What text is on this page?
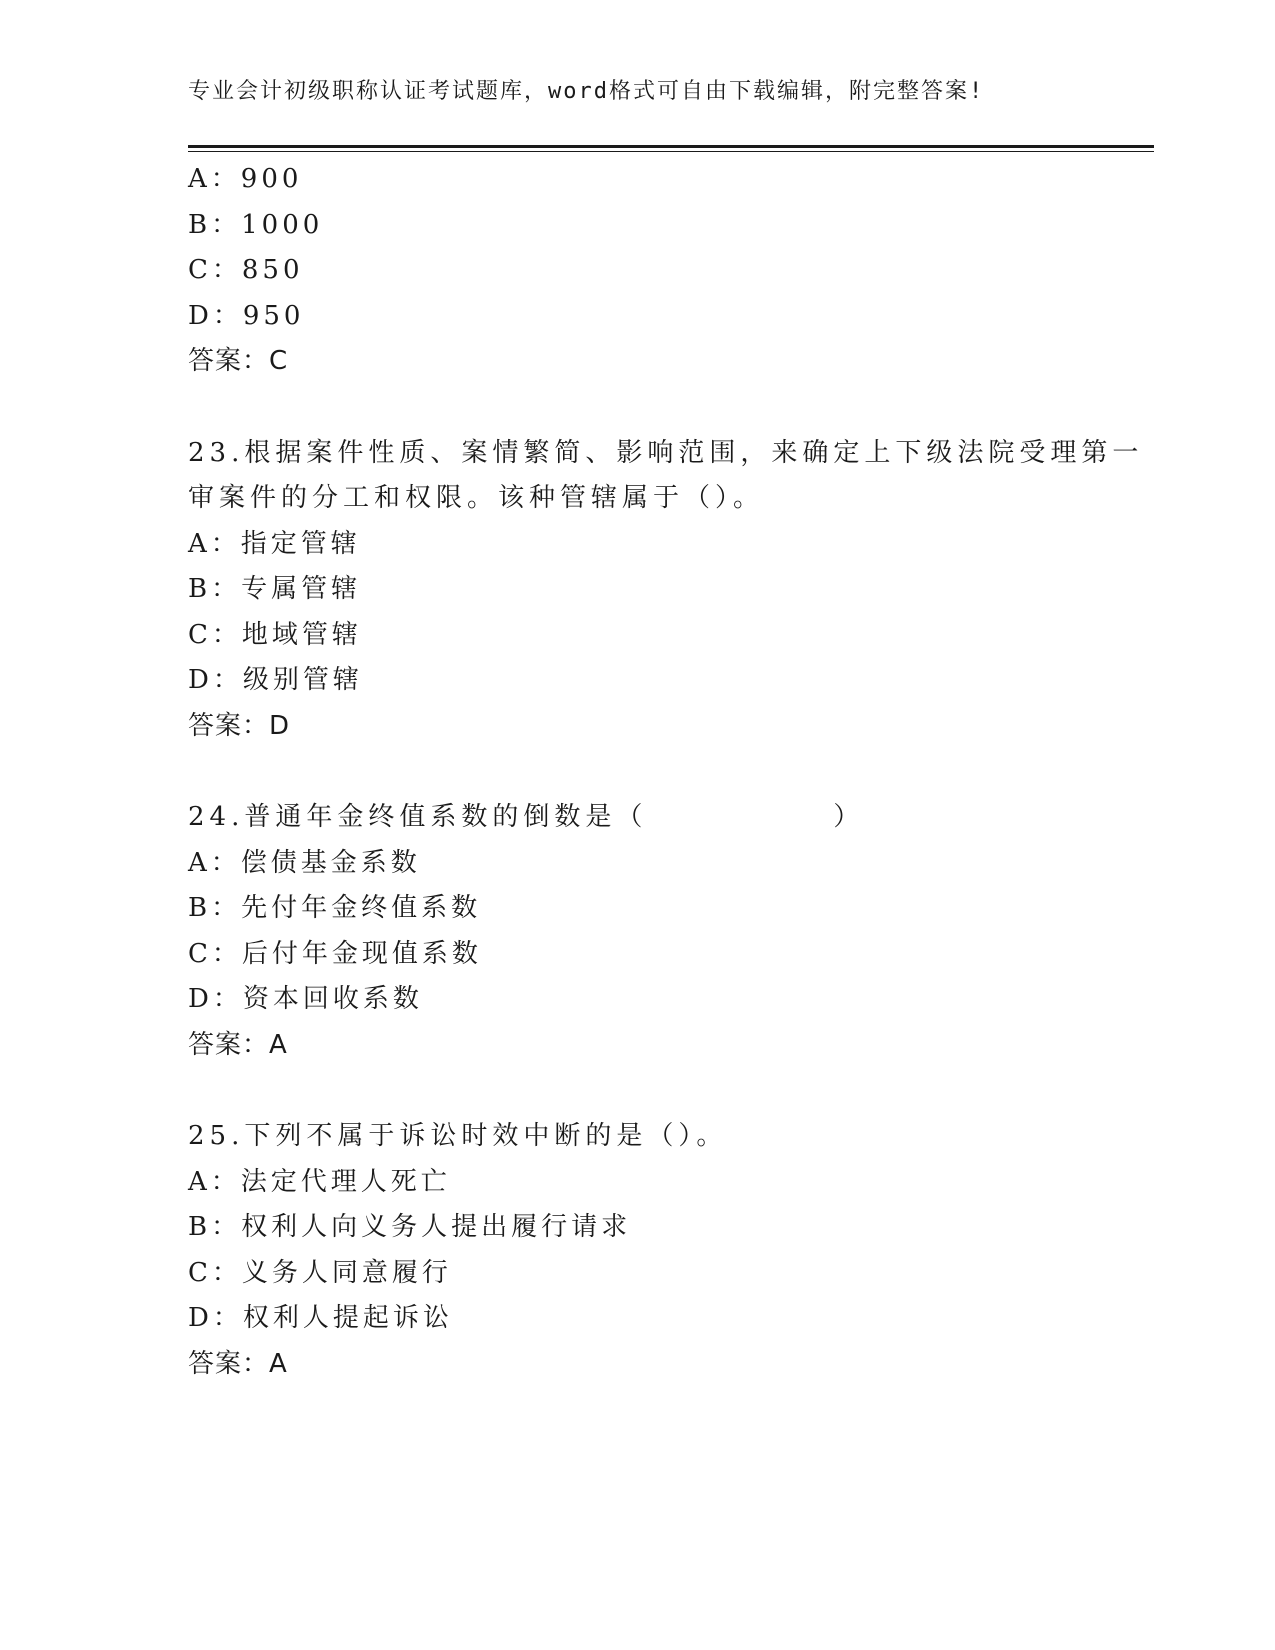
专业会计初级职称认证考试题库，word格式可自由下载编辑，附完整答案!
A：900
B：1000
C：850
D：950
答案：C
23.根据案件性质、案情繁简、影响范围，来确定上下级法院受理第一
审案件的分工和权限。该种管辖属于（）。
A：指定管辖
B：专属管辖
C：地域管辖
D：级别管辖
答案：D
24.普通年金终值系数的倒数是（　　　　　　）
A：偿债基金系数
B：先付年金终值系数
C：后付年金现值系数
D：资本回收系数
答案：A
25.下列不属于诉讼时效中断的是（）。
A：法定代理人死亡
B：权利人向义务人提出履行请求
C：义务人同意履行
D：权利人提起诉讼
答案：A
